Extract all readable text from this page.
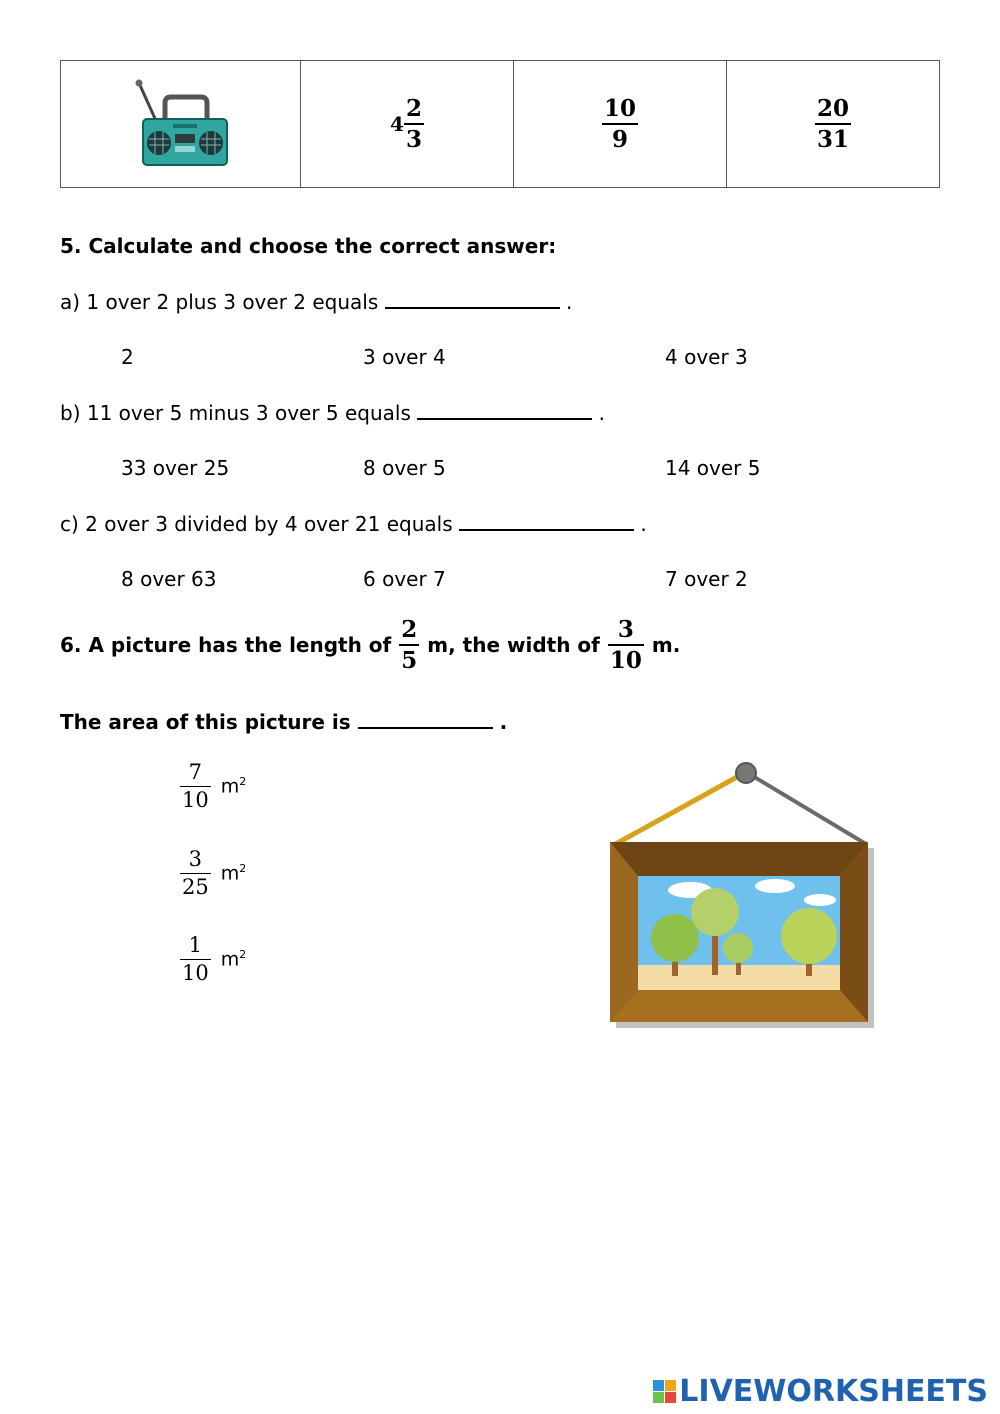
$4 \frac{2}{3}$	$\frac{10}{9}$	$\frac{20}{31}$
5. Calculate and choose the correct answer:
a) 1 over 2 plus 3 over 2 equals	.
2	3 over 4	4 over 3
b) 11 over 5 minus 3 over 5 equals	.
33 over 25	8 over 5	14 over 5
c) 2 over 3 divided by 4 over 21 equals	.
8 over 63	6 over 7	7 over 2
6. A picture has the length of $\frac{2}{5} m$, the width of $\frac{3}{10} m$.
The area of this picture is	.
$\frac{7}{10} m^2$
$\frac{3}{25} m^2$
$\frac{1}{10} m^2$
LIVEWORKSHEETS
